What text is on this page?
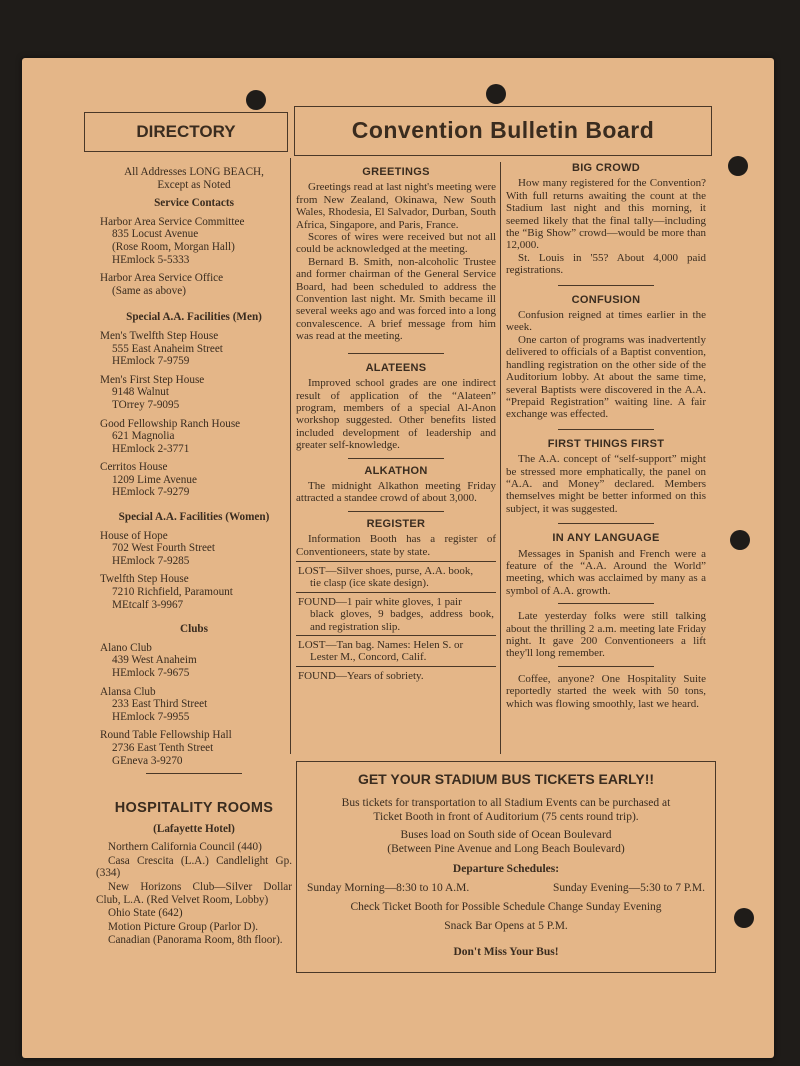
DIRECTORY	Convention Bulletin Board
All Addresses LONG BEACH,
Except as Noted

Service Contacts

Harbor Area Service Committee
835 Locust Avenue
(Rose Room, Morgan Hall)
HEmlock 5-5333
Harbor Area Service Office
(Same as above)

Special A.A. Facilities (Men)

Men's Twelfth Step House
555 East Anaheim Street
HEmlock 7-9759
Men's First Step House
9148 Walnut
TOrrey 7-9095
Good Fellowship Ranch House
621 Magnolia
HEmlock 2-3771
Cerritos House
1209 Lime Avenue
HEmlock 7-9279

Special A.A. Facilities (Women)

House of Hope
702 West Fourth Street
HEmlock 7-9285
Twelfth Step House
7210 Richfield, Paramount
MEtcalf 3-9967

Clubs

Alano Club
439 West Anaheim
HEmlock 7-9675
Alansa Club
233 East Third Street
HEmlock 7-9955
Round Table Fellowship Hall
2736 East Tenth Street
GEneva 3-9270

HOSPITALITY ROOMS

(Lafayette Hotel)

Northern California Council (440)

Casa Crescita (L.A.) Candlelight Gp. (334)

New Horizons Club—Silver Dollar Club, L.A. (Red Velvet Room, Lobby)

Ohio State (642)

Motion Picture Group (Parlor D).

Canadian (Panorama Room, 8th floor).

GREETINGS

Greetings read at last night's meeting were from New Zealand, Okinawa, New South Wales, Rhodesia, El Salvador, Durban, South Africa, Singapore, and Paris, France.

Scores of wires were received but not all could be acknowledged at the meeting.

Bernard B. Smith, non-alcoholic Trustee and former chairman of the General Service Board, had been scheduled to address the Convention last night. Mr. Smith became ill several weeks ago and was forced into a long convalescence. A brief message from him was read at the meeting.

ALATEENS

Improved school grades are one indirect result of application of the “Alateen” program, members of a special Al-Anon workshop suggested. Other benefits listed included development of leadership and greater self-knowledge.

ALKATHON

The midnight Alkathon meeting Friday attracted a standee crowd of about 3,000.

REGISTER

Information Booth has a register of Conventioneers, state by state.

LOST—Silver shoes, purse, A.A. book,
tie clasp (ice skate design).
FOUND—1 pair white gloves, 1 pair
black gloves, 9 badges, address book, and registration slip.
LOST—Tan bag. Names: Helen S. or
Lester M., Concord, Calif.
FOUND—Years of sobriety.

BIG CROWD

How many registered for the Convention? With full returns awaiting the count at the Stadium last night and this morning, it seemed likely that the final tally—including the “Big Show” crowd—would be more than 12,000.

St. Louis in '55? About 4,000 paid registrations.

CONFUSION

Confusion reigned at times earlier in the week.

One carton of programs was inadvertently delivered to officials of a Baptist convention, handling registration on the other side of the Auditorium lobby. At about the same time, several Baptists were discovered in the A.A. “Prepaid Registration” waiting line. A fair exchange was effected.

FIRST THINGS FIRST

The A.A. concept of “self-support” might be stressed more emphatically, the panel on “A.A. and Money” declared. Members themselves might be better informed on this subject, it was suggested.

IN ANY LANGUAGE

Messages in Spanish and French were a feature of the “A.A. Around the World” meeting, which was acclaimed by many as a symbol of A.A. growth.

Late yesterday folks were still talking about the thrilling 2 a.m. meeting late Friday night. It gave 200 Conventioneers a lift they'll long remember.

Coffee, anyone? One Hospitality Suite reportedly started the week with 50 tons, which was flowing smoothly, last we heard.

GET YOUR STADIUM BUS TICKETS EARLY!!

Bus tickets for transportation to all Stadium Events can be purchased at
Ticket Booth in front of Auditorium (75 cents round trip).
Buses load on South side of Ocean Boulevard
(Between Pine Avenue and Long Beach Boulevard)
Departure Schedules:
Sunday Morning—8:30 to 10 A.M.	Sunday Evening—5:30 to 7 P.M.
Check Ticket Booth for Possible Schedule Change Sunday Evening
Snack Bar Opens at 5 P.M.
Don't Miss Your Bus!
